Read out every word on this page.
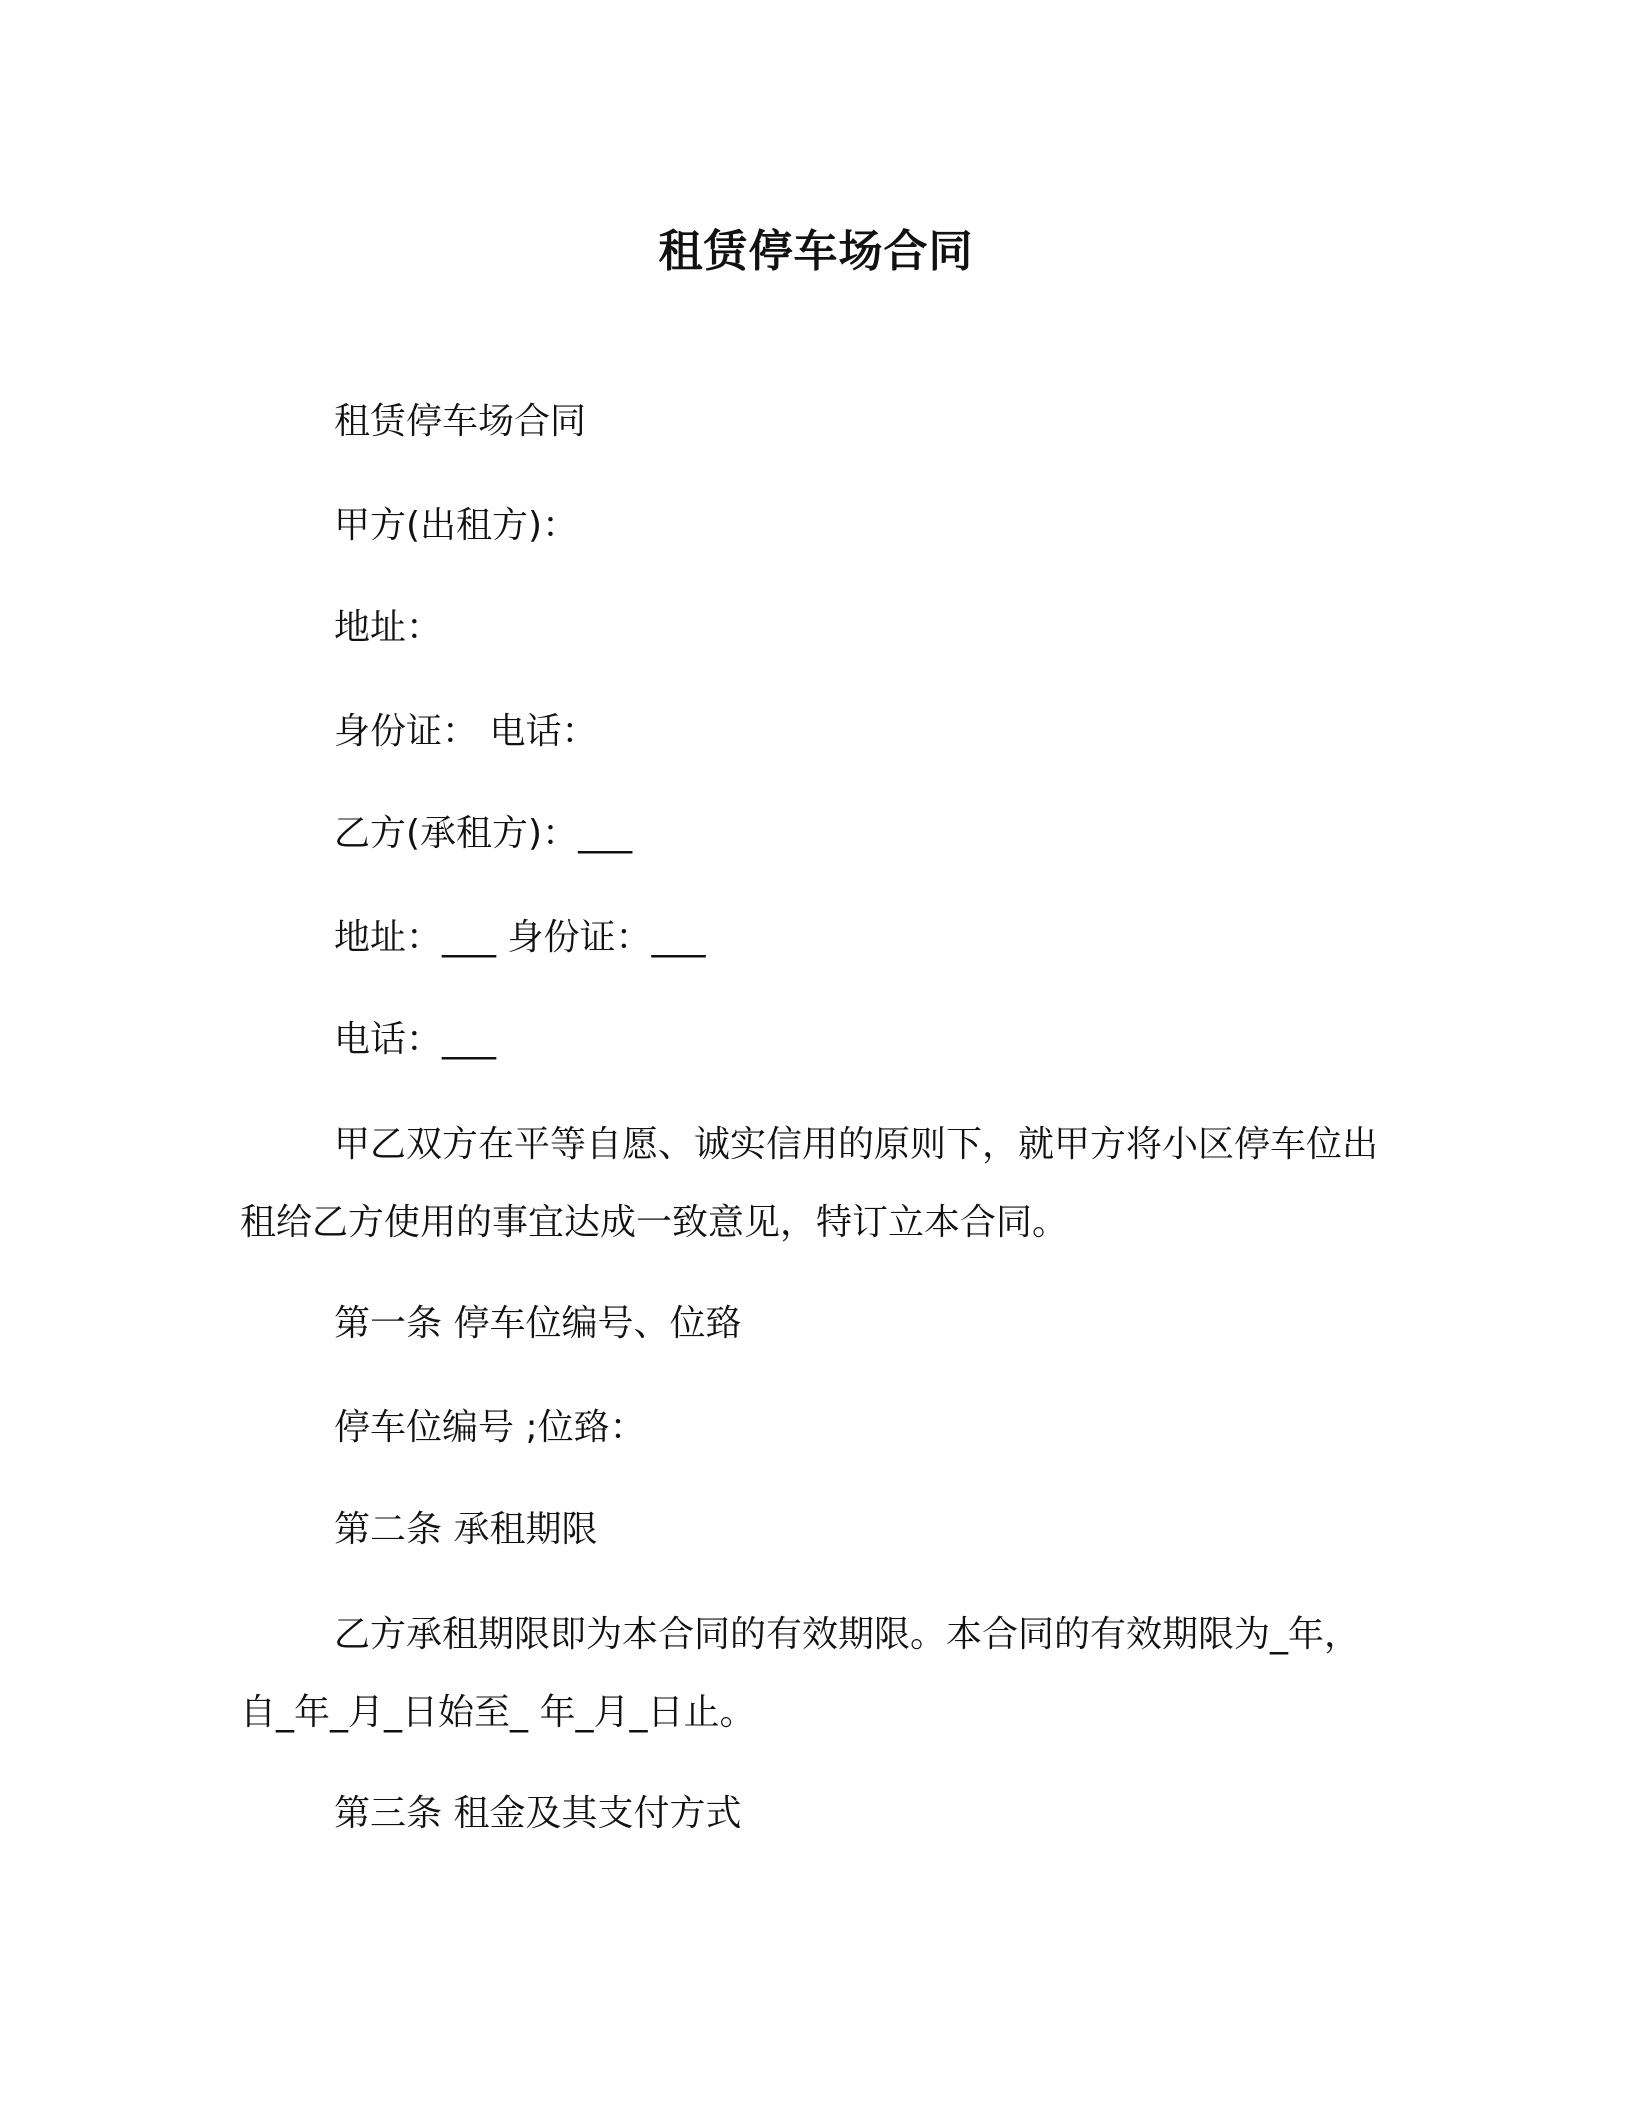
租赁停车场合同
租赁停车场合同
甲方(出租方)：
地址：
身份证： 电话：
乙方(承租方)：___
地址：___ 身份证：___
电话：___
甲乙双方在平等自愿、诚实信用的原则下，就甲方将小区停车位出租给乙方使用的事宜达成一致意见，特订立本合同。
第一条 停车位编号、位臵
停车位编号 ;位臵：
第二条 承租期限
乙方承租期限即为本合同的有效期限。本合同的有效期限为_年，自_年_月_日始至_ 年_月_日止。
第三条 租金及其支付方式
